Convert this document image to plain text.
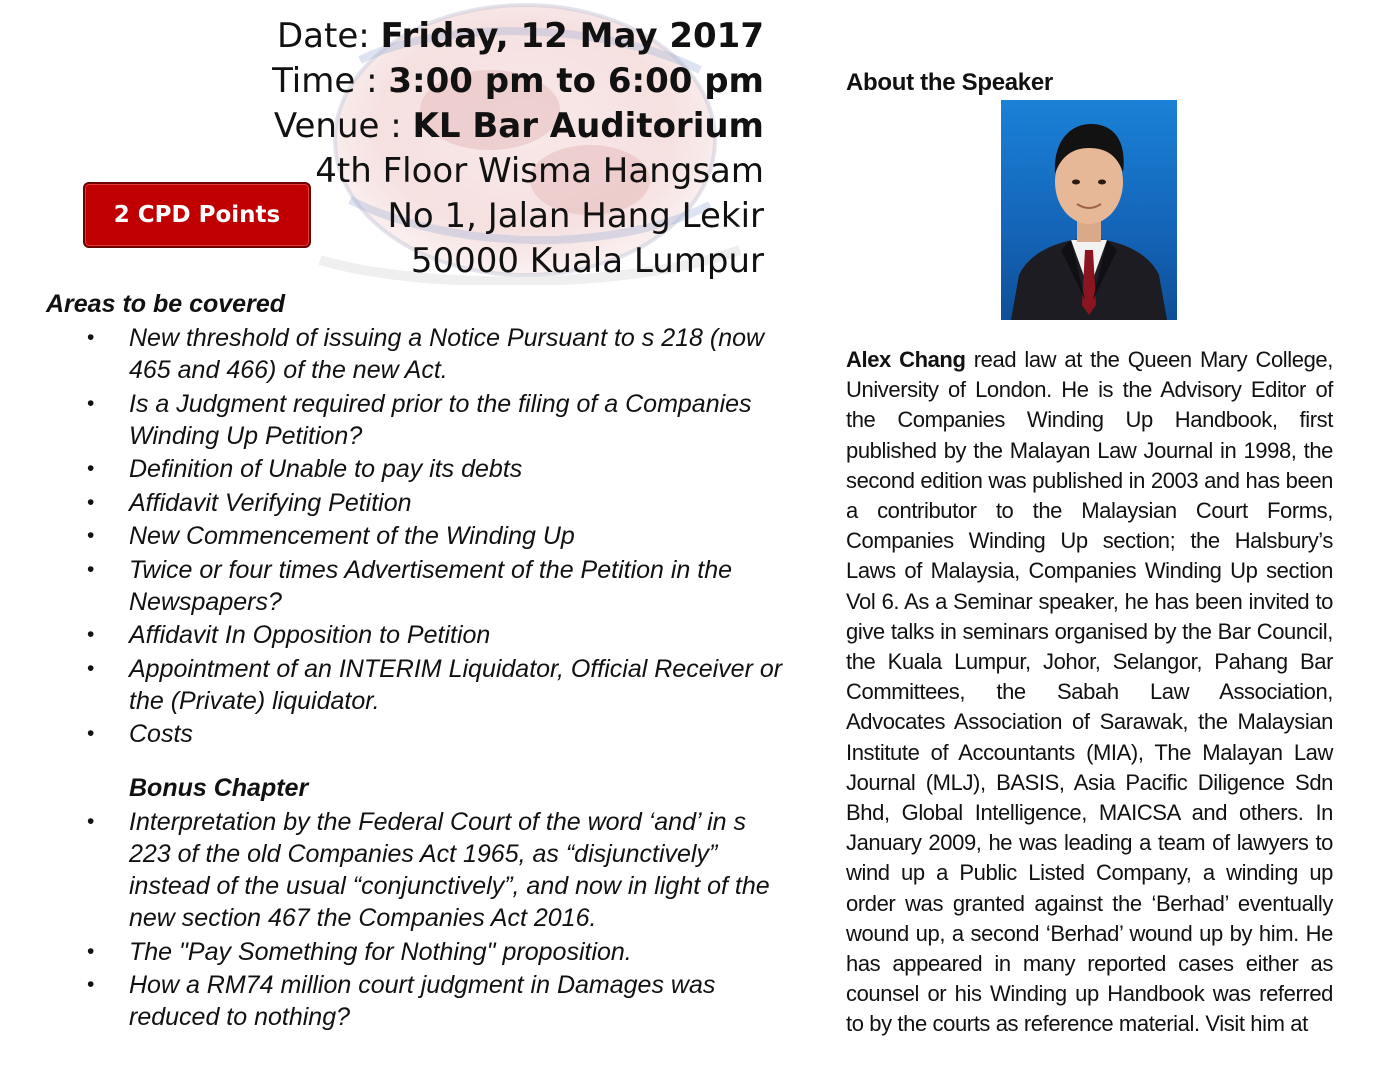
Date: Friday, 12 May 2017
Time : 3:00 pm to 6:00 pm
Venue : KL Bar Auditorium
4th Floor Wisma Hangsam
No 1, Jalan Hang Lekir
50000 Kuala Lumpur
2 CPD Points
Areas to be covered
• New threshold of issuing a Notice Pursuant to s 218 (now 465 and 466) of the new Act.
• Is a Judgment required prior to the filing of a Companies Winding Up Petition?
• Definition of Unable to pay its debts
• Affidavit Verifying Petition
• New Commencement of the Winding Up
• Twice or four times Advertisement of the Petition in the Newspapers?
• Affidavit In Opposition to Petition
• Appointment of an INTERIM Liquidator, Official Receiver or the (Private) liquidator.
• Costs
Bonus Chapter
• Interpretation by the Federal Court of the word ‘and’ in s 223 of the old Companies Act 1965, as “disjunctively” instead of the usual “conjunctively”, and now in light of the new section 467 the Companies Act 2016.
• The "Pay Something for Nothing" proposition.
• How a RM74 million court judgment in Damages was reduced to nothing?
About the Speaker
Alex Chang read law at the Queen Mary College, University of London. He is the Advisory Editor of the Companies Winding Up Handbook, first published by the Malayan Law Journal in 1998, the second edition was published in 2003 and has been a contributor to the Malaysian Court Forms, Companies Winding Up section; the Halsbury’s Laws of Malaysia, Companies Winding Up section Vol 6. As a Seminar speaker, he has been invited to give talks in seminars organised by the Bar Council, the Kuala Lumpur, Johor, Selangor, Pahang Bar Committees, the Sabah Law Association, Advocates Association of Sarawak, the Malaysian Institute of Accountants (MIA), The Malayan Law Journal (MLJ), BASIS, Asia Pacific Diligence Sdn Bhd, Global Intelligence, MAICSA and others. In January 2009, he was leading a team of lawyers to wind up a Public Listed Company, a winding up order was granted against the ‘Berhad’ eventually wound up, a second ‘Berhad’ wound up by him. He has appeared in many reported cases either as counsel or his Winding up Handbook was referred to by the courts as reference material. Visit him at
